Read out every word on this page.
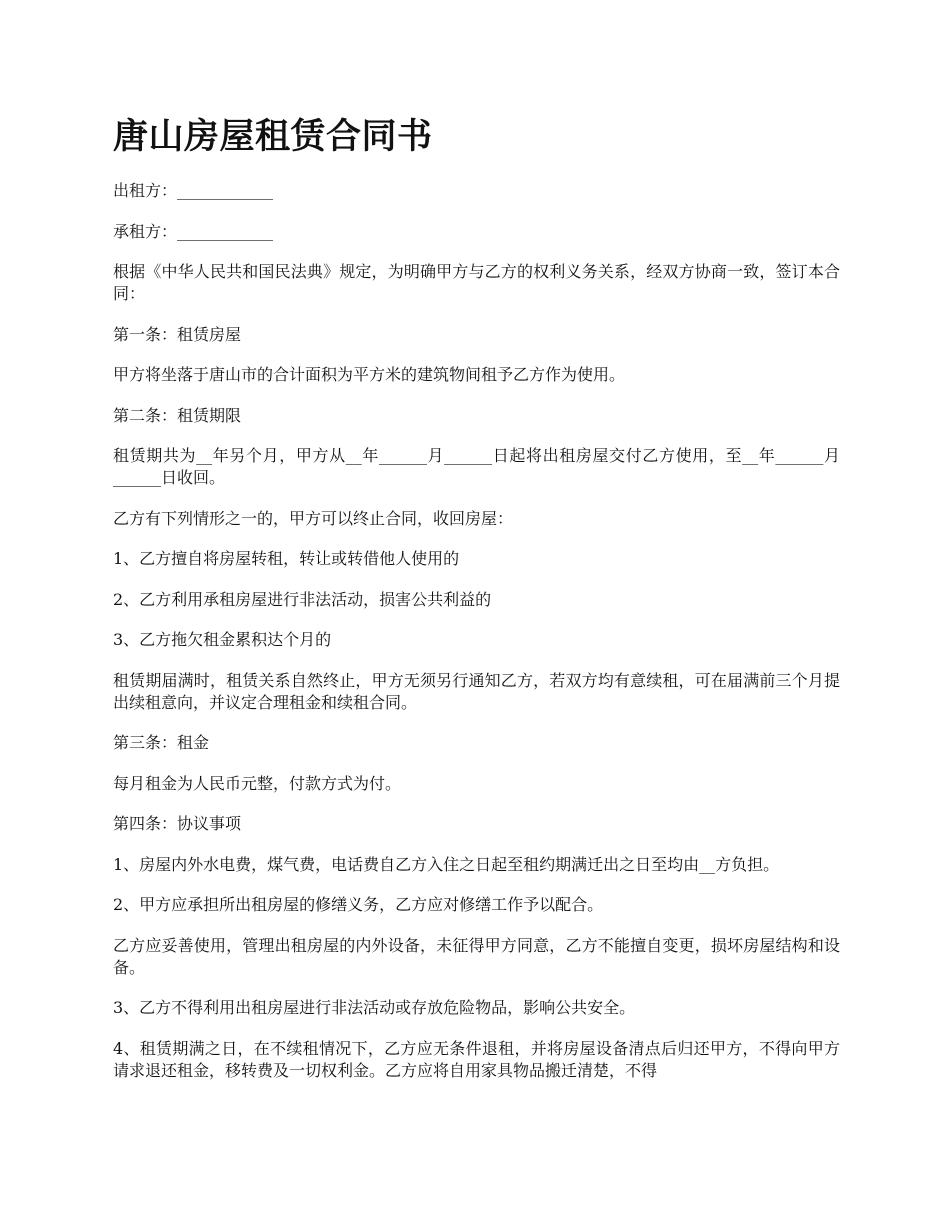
唐山房屋租赁合同书

出租方：____________

承租方：____________

根据《中华人民共和国民法典》规定，为明确甲方与乙方的权利义务关系，经双方协商一致，签订本合同：

第一条：租赁房屋

甲方将坐落于唐山市的合计面积为平方米的建筑物间租予乙方作为使用。

第二条：租赁期限

租赁期共为__年另个月，甲方从__年______月______日起将出租房屋交付乙方使用，至__年______月______日收回。

乙方有下列情形之一的，甲方可以终止合同，收回房屋：

1、乙方擅自将房屋转租，转让或转借他人使用的

2、乙方利用承租房屋进行非法活动，损害公共利益的

3、乙方拖欠租金累积达个月的

租赁期届满时，租赁关系自然终止，甲方无须另行通知乙方，若双方均有意续租，可在届满前三个月提出续租意向，并议定合理租金和续租合同。

第三条：租金

每月租金为人民币元整，付款方式为付。

第四条：协议事项

1、房屋内外水电费，煤气费，电话费自乙方入住之日起至租约期满迁出之日至均由__方负担。

2、甲方应承担所出租房屋的修缮义务，乙方应对修缮工作予以配合。

乙方应妥善使用，管理出租房屋的内外设备，未征得甲方同意，乙方不能擅自变更，损坏房屋结构和设备。

3、乙方不得利用出租房屋进行非法活动或存放危险物品，影响公共安全。

4、租赁期满之日，在不续租情况下，乙方应无条件退租，并将房屋设备清点后归还甲方，不得向甲方请求退还租金，移转费及一切权利金。乙方应将自用家具物品搬迁清楚，不得
